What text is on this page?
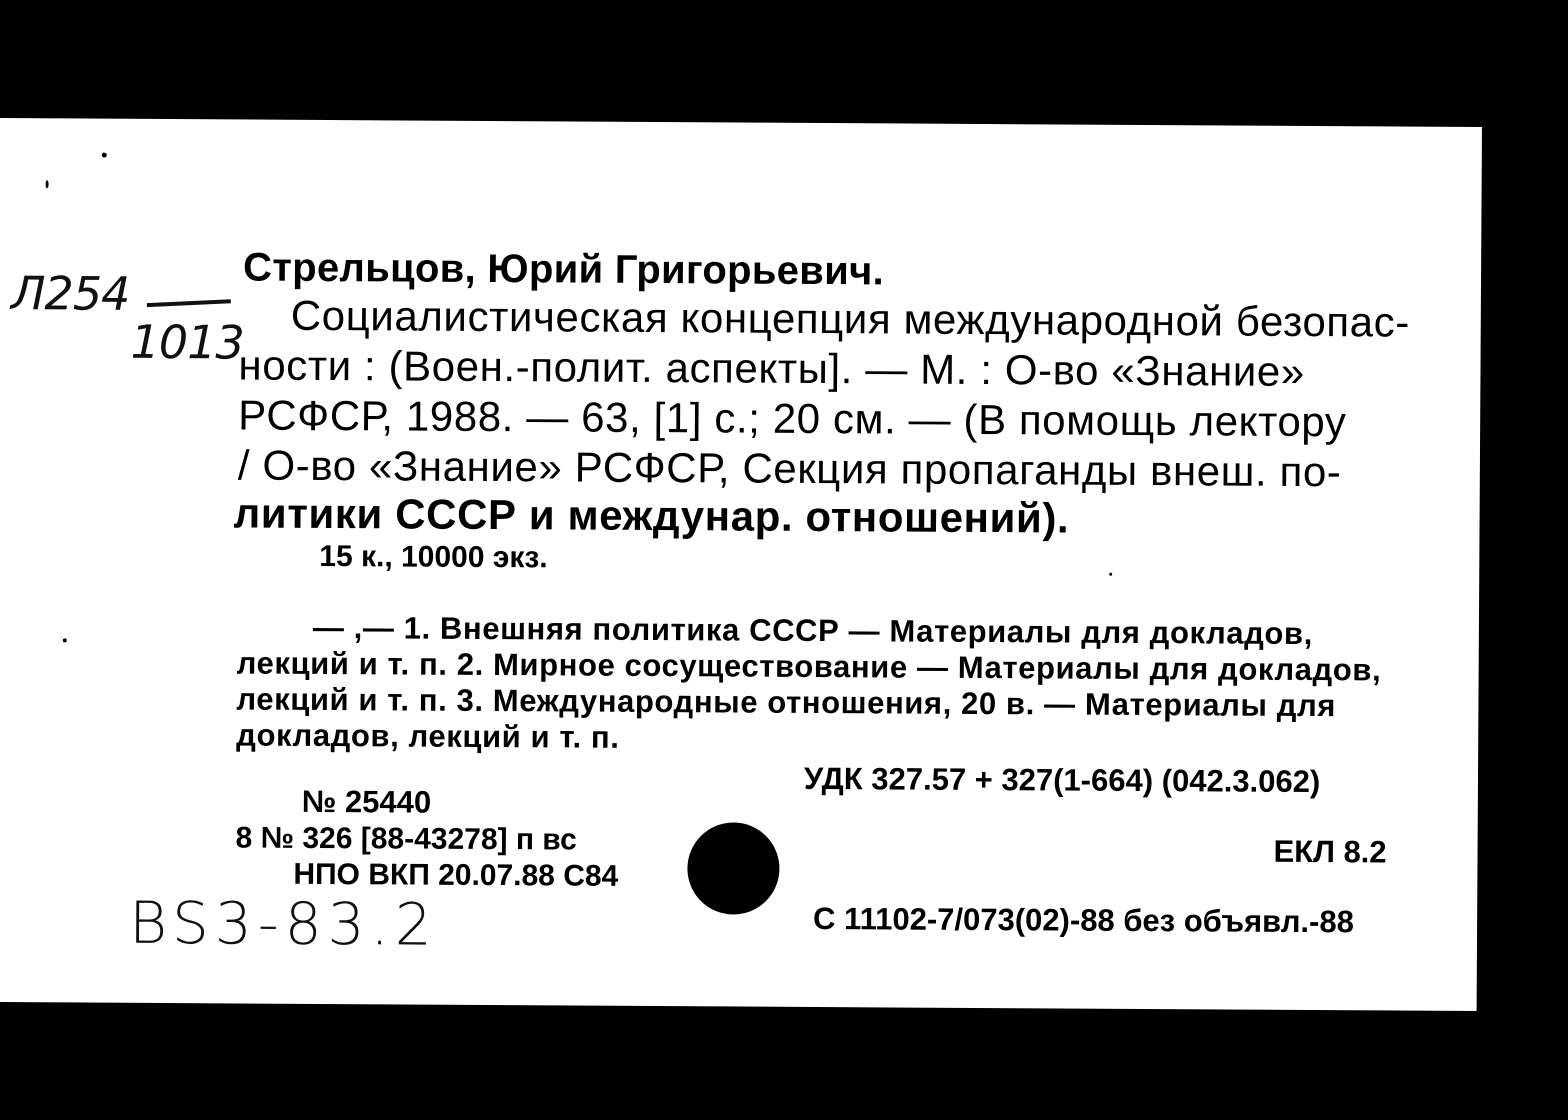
Л254
1013
Стрельцов, Юрий Григорьевич.
Социалистическая концепция международной безопас-
ности : (Воен.-полит. аспекты]. — М. : О-во «Знание»
РСФСР, 1988. — 63, [1] с.; 20 см. — (В помощь лектору
/ О-во «Знание» РСФСР, Секция пропаганды внеш. по-
литики СССР и междунар. отношений).
15 к., 10000 экз.
— ,— 1. Внешняя политика СССР — Материалы для докладов,
лекций и т. п. 2. Мирное сосуществование — Материалы для докладов,
лекций и т. п. 3. Международные отношения, 20 в. — Материалы для
докладов, лекций и т. п.
УДК 327.57 + 327(1-664) (042.3.062)
№ 25440
8 № 326 [88-43278] п вс
НПО ВКП 20.07.88 С84
ЕКЛ 8.2
С 11102-7/073(02)-88 без объявл.-88
BS3-83.2
